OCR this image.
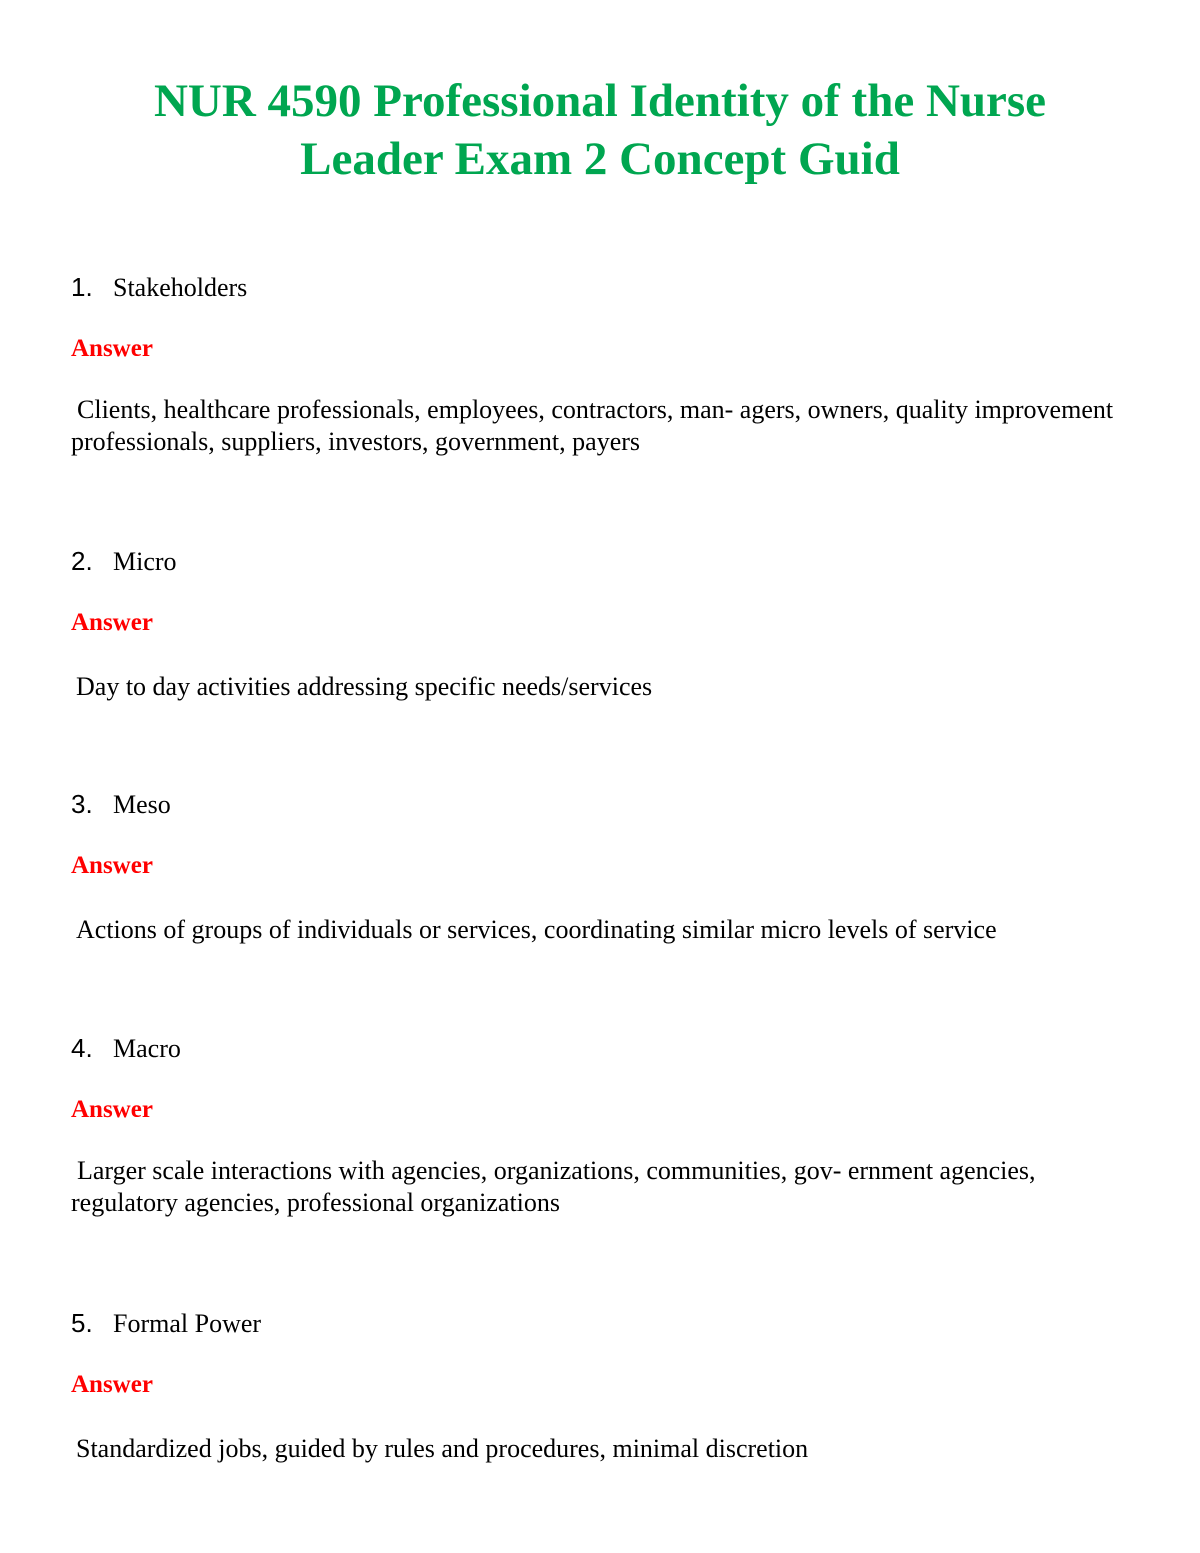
NUR 4590 Professional Identity of the Nurse
Leader Exam 2 Concept Guid
1. Stakeholders
Answer
Clients, healthcare professionals, employees, contractors, man- agers, owners, quality improvement professionals, suppliers, investors, government, payers
2. Micro
Answer
Day to day activities addressing specific needs/services
3. Meso
Answer
Actions of groups of individuals or services, coordinating similar micro levels of service
4. Macro
Answer
Larger scale interactions with agencies, organizations, communities, gov- ernment agencies, regulatory agencies, professional organizations
5. Formal Power
Answer
Standardized jobs, guided by rules and procedures, minimal discretion
